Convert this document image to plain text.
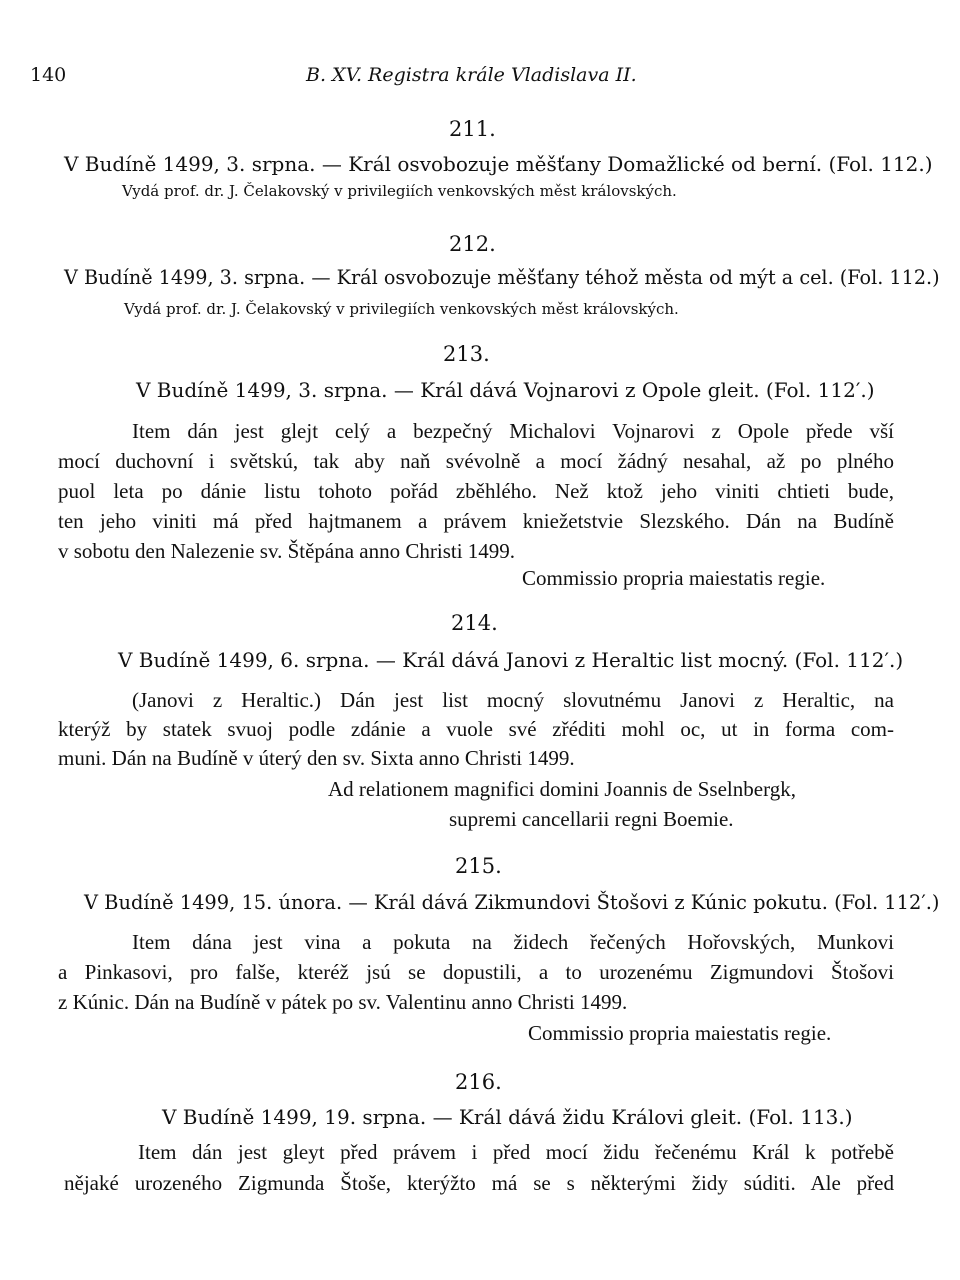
140	B. XV. Registra krále Vladislava II.
211.
V Budíně 1499, 3. srpna. — Král osvobozuje měšťany Domažlické od berní. (Fol. 112.)
Vydá prof. dr. J. Čelakovský v privilegiích venkovských měst královských.
212.
V Budíně 1499, 3. srpna. — Král osvobozuje měšťany téhož města od mýt a cel. (Fol. 112.)
Vydá prof. dr. J. Čelakovský v privilegiích venkovských měst královských.
213.
V Budíně 1499, 3. srpna. — Král dává Vojnarovi z Opole gleit. (Fol. 112′.)
Item dán jest glejt celý a bezpečný Michalovi Vojnarovi z Opole přede vší
mocí duchovní i světskú, tak aby naň svévolně a mocí žádný nesahal, až po plného
puol leta po dánie listu tohoto pořád zběhlého. Než ktož jeho viniti chtieti bude,
ten jeho viniti má před hajtmanem a právem kniežetstvie Slezského. Dán na Budíně
v sobotu den Nalezenie sv. Štěpána anno Christi 1499.
Commissio propria maiestatis regie.
214.
V Budíně 1499, 6. srpna. — Král dává Janovi z Heraltic list mocný. (Fol. 112′.)
(Janovi z Heraltic.) Dán jest list mocný slovutnému Janovi z Heraltic, na
kterýž by statek svuoj podle zdánie a vuole své zřéditi mohl oc, ut in forma com-
muni. Dán na Budíně v úterý den sv. Sixta anno Christi 1499.
Ad relationem magnifici domini Joannis de Sselnbergk,
supremi cancellarii regni Boemie.
215.
V Budíně 1499, 15. února. — Král dává Zikmundovi Štošovi z Kúnic pokutu. (Fol. 112′.)
Item dána jest vina a pokuta na židech řečených Hořovských, Munkovi
a Pinkasovi, pro falše, kteréž jsú se dopustili, a to urozenému Zigmundovi Štošovi
z Kúnic. Dán na Budíně v pátek po sv. Valentinu anno Christi 1499.
Commissio propria maiestatis regie.
216.
V Budíně 1499, 19. srpna. — Král dává židu Královi gleit. (Fol. 113.)
Item dán jest gleyt před právem i před mocí židu řečenému Král k potřebě
nějaké urozeného Zigmunda Štoše, kterýžto má se s některými židy súditi. Ale před
